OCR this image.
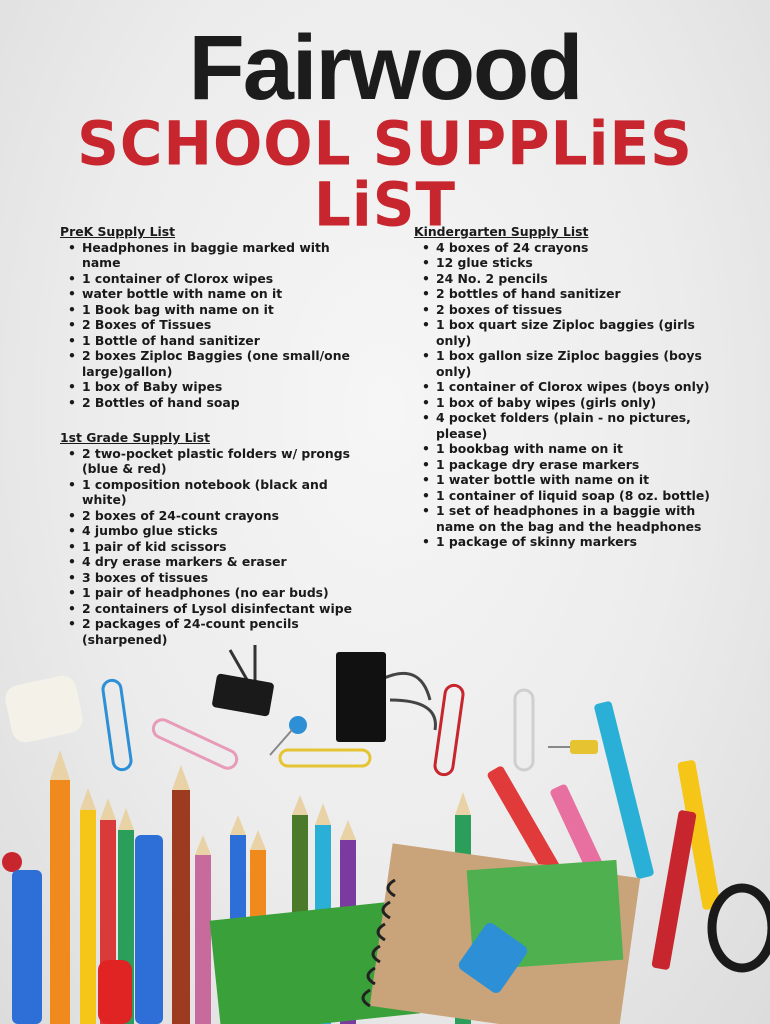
Fairwood
SCHOOL SUPPLiES LiST
PreK Supply List
• Headphones in baggie marked with name
• 1 container of Clorox wipes
• water bottle with name on it
• 1 Book bag with name on it
• 2 Boxes of Tissues
• 1 Bottle of hand sanitizer
• 2 boxes Ziploc Baggies (one small/one large)gallon)
• 1 box of Baby wipes
• 2 Bottles of hand soap
1st Grade Supply List
• 2 two-pocket plastic folders w/ prongs (blue & red)
• 1 composition notebook (black and white)
• 2 boxes of 24-count crayons
• 4 jumbo glue sticks
• 1 pair of kid scissors
• 4 dry erase markers & eraser
• 3 boxes of tissues
• 1 pair of headphones (no ear buds)
• 2 containers of Lysol disinfectant wipe
• 2 packages of 24-count pencils (sharpened)
Kindergarten Supply List
• 4 boxes of 24 crayons
• 12 glue sticks
• 24 No. 2 pencils
• 2 bottles of hand sanitizer
• 2 boxes of tissues
• 1 box quart size Ziploc baggies (girls only)
• 1 box gallon size Ziploc baggies (boys only)
• 1 container of Clorox wipes (boys only)
• 1 box of baby wipes (girls only)
• 4 pocket folders (plain - no pictures, please)
• 1 bookbag with name on it
• 1 package dry erase markers
• 1 water bottle with name on it
• 1 container of liquid soap (8 oz. bottle)
• 1 set of headphones in a baggie with name on the bag and the headphones
• 1 package of skinny markers
